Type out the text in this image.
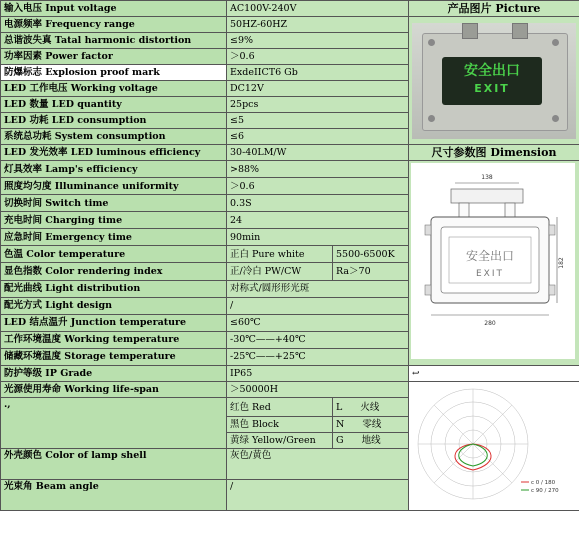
输入电压 Input voltage	AC100V-240V		产品图片 Picture
电源频率 Frequency range	50HZ-60HZ		安全出口
EXIT

总谐波失真 Tatal harmonic distortion	≤9%		
功率因素 Power factor	＞0.6		
防爆标志 Explosion proof mark	ExdeIICT6 Gb		
LED 工作电压 Working voltage	DC12V		
LED 数量 LED quantity	25pcs		
LED 功耗 LED consumption	≤5		
系统总功耗 System consumption	≤6		
LED 发光效率 LED luminous efficiency	30-40LM/W		尺寸参数图 Dimension
灯具效率 Lamp's efficiency	>88%		138
安全出口
EXIT
182
280

照度均匀度 Illuminance uniformity	＞0.6		
切换时间 Switch time	0.3S		
充电时间 Charging time	24		
应急时间 Emergency time	90min		
色温 Color temperature	正白 Pure white	5500-6500K	
显色指数 Color rendering index	正/冷白 PW/CW	Ra＞70	
配光曲线 Light distribution	对称式/圆形形光斑		
配光方式 Light design	/		
LED 结点温升 Junction temperature	≤60℃		
工作环境温度 Working temperature	-30℃——+40℃		
储藏环境温度 Storage temperature	-25℃——+25℃		
防护等级 IP Grade	IP65		↩
光源使用寿命 Working life-span	＞50000H		c 0 / 180
c 90 / 270

.,	红色 Red	L 火线	
	黑色 Block	N 零线	
	黄绿 Yellow/Green	G 地线	
外壳颜色 Color of lamp shell	灰色/黄色		
光束角 Beam angle	/		
